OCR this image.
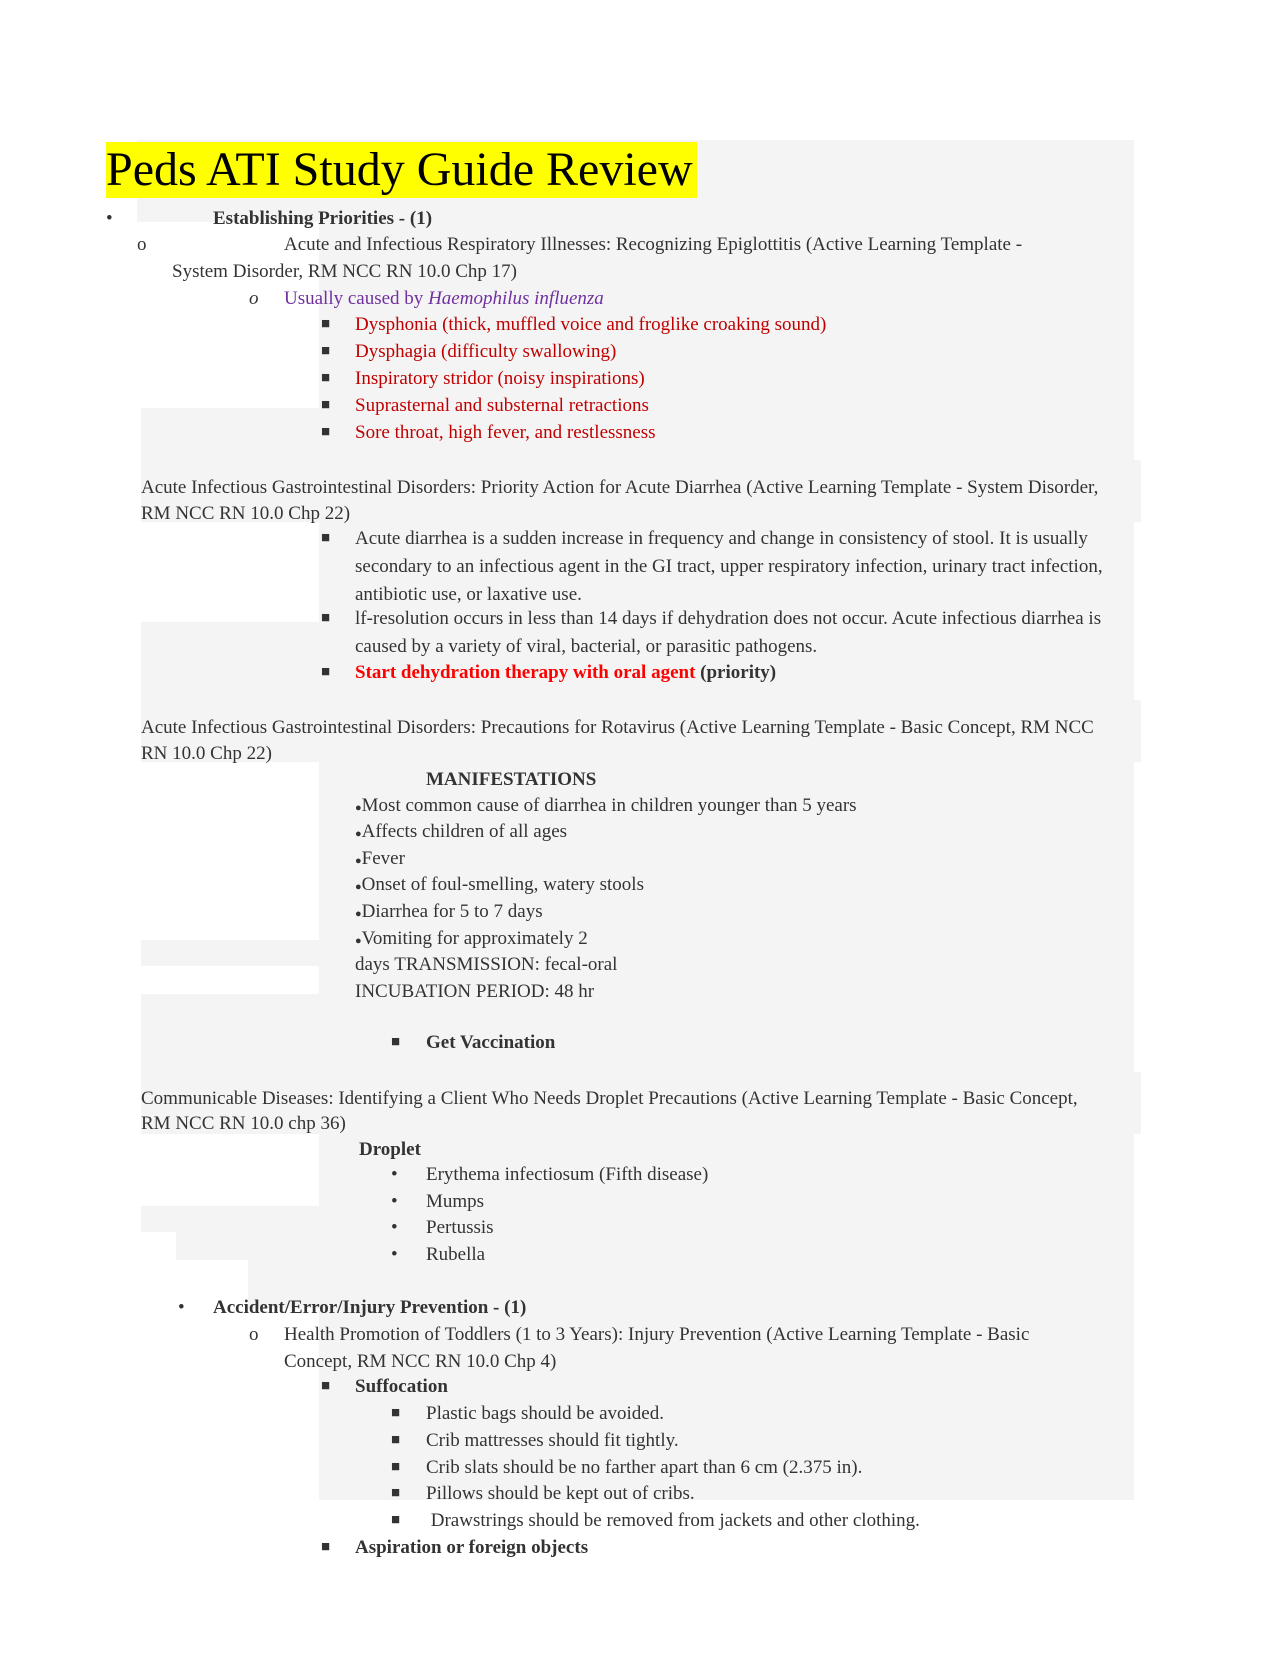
Peds ATI Study Guide Review
•	Establishing Priorities - (1)
o	Acute and Infectious Respiratory Illnesses: Recognizing Epiglottitis (Active Learning Template -
System Disorder, RM NCC RN 10.0 Chp 17)
o Usually caused by Haemophilus influenza
■ Dysphonia (thick, muffled voice and froglike croaking sound)
■ Dysphagia (difficulty swallowing)
■ Inspiratory stridor (noisy inspirations)
■ Suprasternal and substernal retractions
■ Sore throat, high fever, and restlessness
Acute Infectious Gastrointestinal Disorders: Priority Action for Acute Diarrhea (Active Learning Template - System Disorder,
RM NCC RN 10.0 Chp 22)
■ Acute diarrhea is a sudden increase in frequency and change in consistency of stool. It is usually secondary to an infectious agent in the GI tract, upper respiratory infection, urinary tract infection, antibiotic use, or laxative use.
■ lf-resolution occurs in less than 14 days if dehydration does not occur. Acute infectious diarrhea is caused by a variety of viral, bacterial, or parasitic pathogens.
■ Start dehydration therapy with oral agent (priority)
Acute Infectious Gastrointestinal Disorders: Precautions for Rotavirus (Active Learning Template - Basic Concept, RM NCC
RN 10.0 Chp 22)
MANIFESTATIONS
●Most common cause of diarrhea in children younger than 5 years
●Affects children of all ages
●Fever
●Onset of foul-smelling, watery stools
●Diarrhea for 5 to 7 days
●Vomiting for approximately 2
days TRANSMISSION: fecal-oral
INCUBATION PERIOD: 48 hr
■ Get Vaccination
Communicable Diseases: Identifying a Client Who Needs Droplet Precautions (Active Learning Template - Basic Concept,
RM NCC RN 10.0 chp 36)
Droplet
• Erythema infectiosum (Fifth disease)
• Mumps
• Pertussis
• Rubella
• Accident/Error/Injury Prevention - (1)
o Health Promotion of Toddlers (1 to 3 Years): Injury Prevention (Active Learning Template - Basic
Concept, RM NCC RN 10.0 Chp 4)
■ Suffocation
■ Plastic bags should be avoided.
■ Crib mattresses should fit tightly.
■ Crib slats should be no farther apart than 6 cm (2.375 in).
■ Pillows should be kept out of cribs.
■ Drawstrings should be removed from jackets and other clothing.
■ Aspiration or foreign objects
